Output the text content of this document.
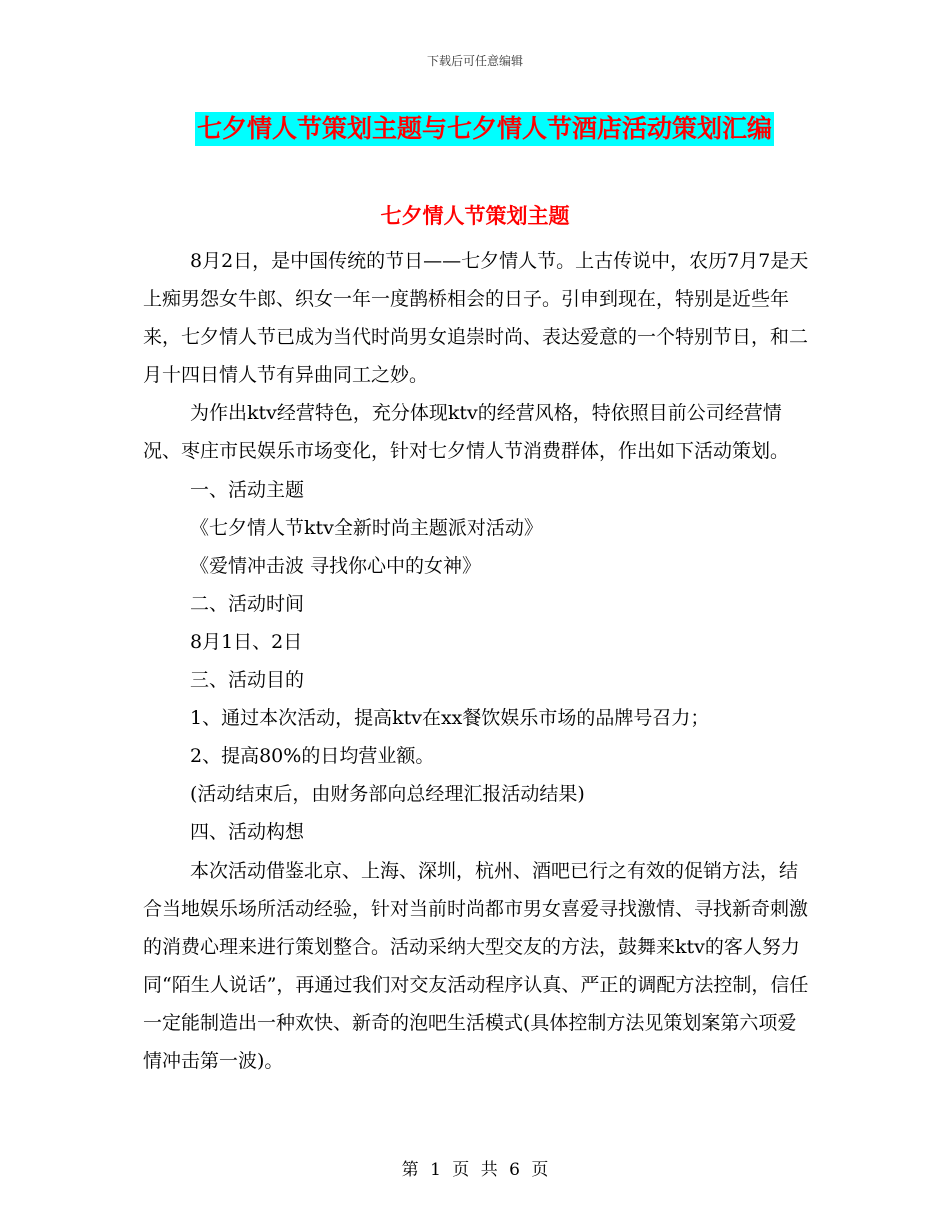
下载后可任意编辑
七夕情人节策划主题与七夕情人节酒店活动策划汇编
七夕情人节策划主题

8月2日，是中国传统的节日——七夕情人节。上古传说中，农历7月7是天上痴男怨女牛郎、织女一年一度鹊桥相会的日子。引申到现在，特别是近些年来，七夕情人节已成为当代时尚男女追崇时尚、表达爱意的一个特别节日，和二月十四日情人节有异曲同工之妙。

为作出ktv经营特色，充分体现ktv的经营风格，特依照目前公司经营情况、枣庄市民娱乐市场变化，针对七夕情人节消费群体，作出如下活动策划。

一、活动主题

《七夕情人节ktv全新时尚主题派对活动》

《爱情冲击波 寻找你心中的女神》

二、活动时间

8月1日、2日

三、活动目的

1、通过本次活动，提高ktv在xx餐饮娱乐市场的品牌号召力；

2、提高80%的日均营业额。

(活动结束后，由财务部向总经理汇报活动结果)

四、活动构想

本次活动借鉴北京、上海、深圳，杭州、酒吧已行之有效的促销方法，结合当地娱乐场所活动经验，针对当前时尚都市男女喜爱寻找激情、寻找新奇刺激的消费心理来进行策划整合。活动采纳大型交友的方法，鼓舞来ktv的客人努力同“陌生人说话”，再通过我们对交友活动程序认真、严正的调配方法控制，信任一定能制造出一种欢快、新奇的泡吧生活模式(具体控制方法见策划案第六项爱情冲击第一波)。

第 1 页 共 6 页
